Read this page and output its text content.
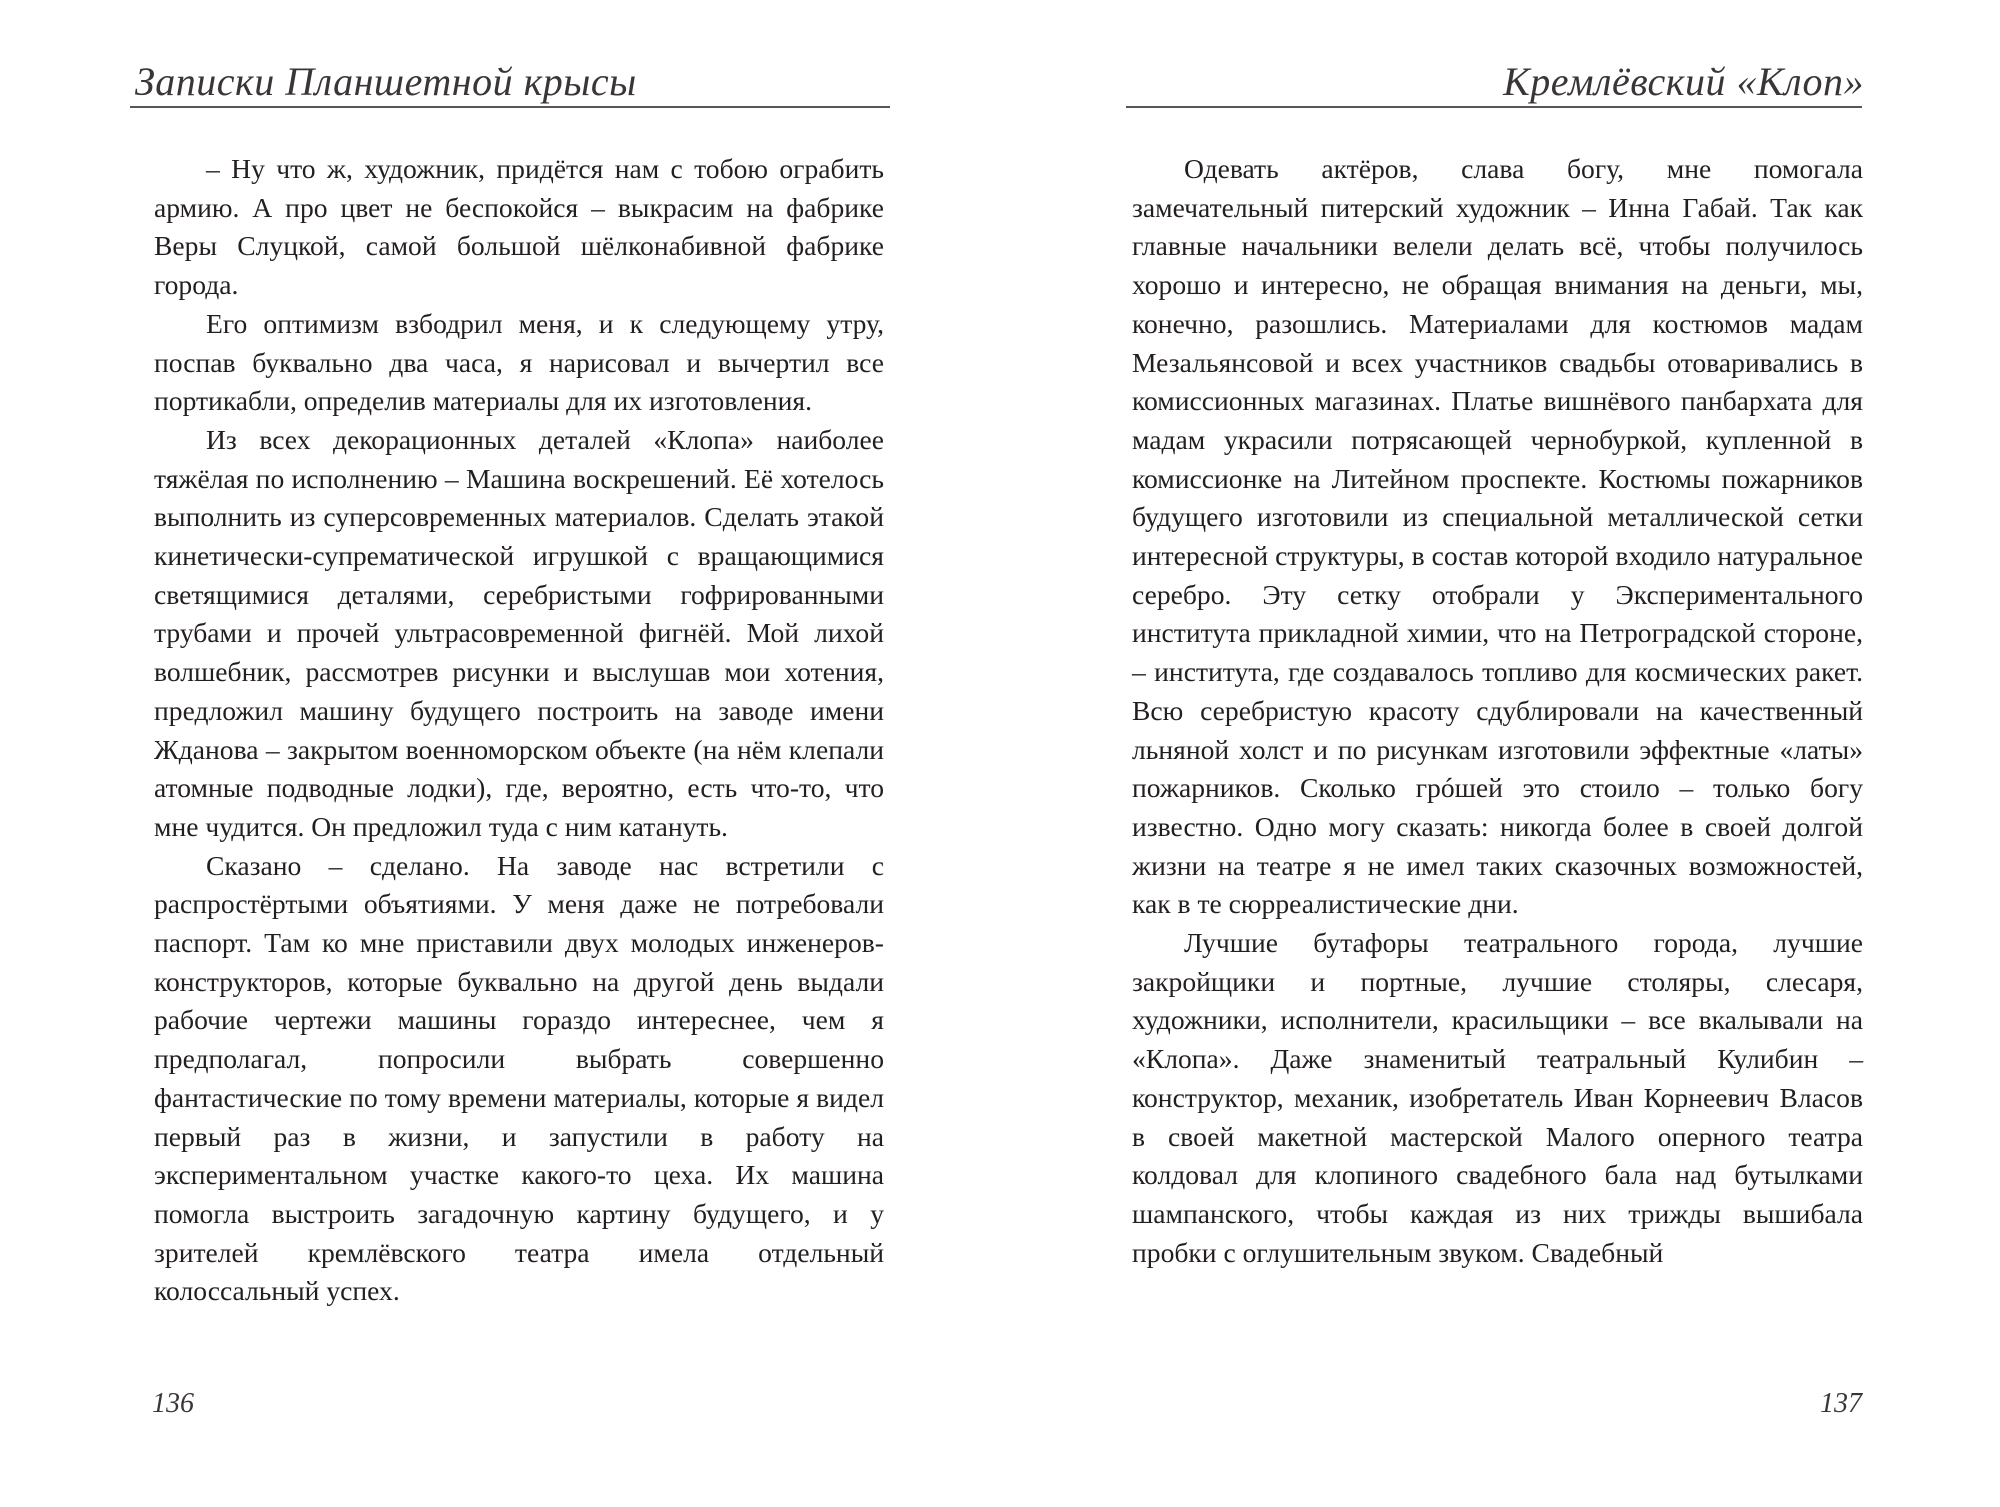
Записки Планшетной крысы

– Ну что ж, художник, придётся нам с тобою ограбить армию. А про цвет не беспокойся – выкрасим на фабрике Веры Слуцкой, самой большой шёлконабивной фабрике города.

Его оптимизм взбодрил меня, и к следующему утру, поспав буквально два часа, я нарисовал и вычертил все портикабли, определив материалы для их изготовления.

Из всех декорационных деталей «Клопа» наиболее тяжёлая по исполнению – Машина воскрешений. Её хотелось выполнить из суперсовременных материалов. Сделать этакой кинетически-супрематической игрушкой с вращающимися светящимися деталями, серебристыми гофрированными трубами и прочей ультрасовременной фигнёй. Мой лихой волшебник, рассмотрев рисунки и выслушав мои хотения, предложил машину будущего построить на заводе имени Жданова – закрытом военноморском объекте (на нём клепали атомные подводные лодки), где, вероятно, есть что-то, что мне чудится. Он предложил туда с ним катануть.

Сказано – сделано. На заводе нас встретили с распростёртыми объятиями. У меня даже не потребовали паспорт. Там ко мне приставили двух молодых инженеров-конструкторов, которые буквально на другой день выдали рабочие чертежи машины гораздо интереснее, чем я предполагал, попросили выбрать совершенно фантастические по тому времени материалы, которые я видел первый раз в жизни, и запустили в работу на экспериментальном участке какого-то цеха. Их машина помогла выстроить загадочную картину будущего, и у зрителей кремлёвского театра имела отдельный колоссальный успех.

136
Кремлёвский «Клоп»

Одевать актёров, слава богу, мне помогала замечательный питерский художник – Инна Габай. Так как главные начальники велели делать всё, чтобы получилось хорошо и интересно, не обращая внимания на деньги, мы, конечно, разошлись. Материалами для костюмов мадам Мезальянсовой и всех участников свадьбы отоваривались в комиссионных магазинах. Платье вишнёвого панбархата для мадам украсили потрясающей чернобуркой, купленной в комиссионке на Литейном проспекте. Костюмы пожарников будущего изготовили из специальной металлической сетки интересной структуры, в состав которой входило натуральное серебро. Эту сетку отобрали у Экспериментального института прикладной химии, что на Петроградской стороне, – института, где создавалось топливо для космических ракет. Всю серебристую красоту сдублировали на качественный льняной холст и по рисункам изготовили эффектные «латы» пожарников. Сколько грóшей это стоило – только богу известно. Одно могу сказать: никогда более в своей долгой жизни на театре я не имел таких сказочных возможностей, как в те сюрреалистические дни.

Лучшие бутафоры театрального города, лучшие закройщики и портные, лучшие столяры, слесаря, художники, исполнители, красильщики – все вкалывали на «Клопа». Даже знаменитый театральный Кулибин – конструктор, механик, изобретатель Иван Корнеевич Власов в своей макетной мастерской Малого оперного театра колдовал для клопиного свадебного бала над бутылками шампанского, чтобы каждая из них трижды вышибала пробки с оглушительным звуком. Свадебный

137
